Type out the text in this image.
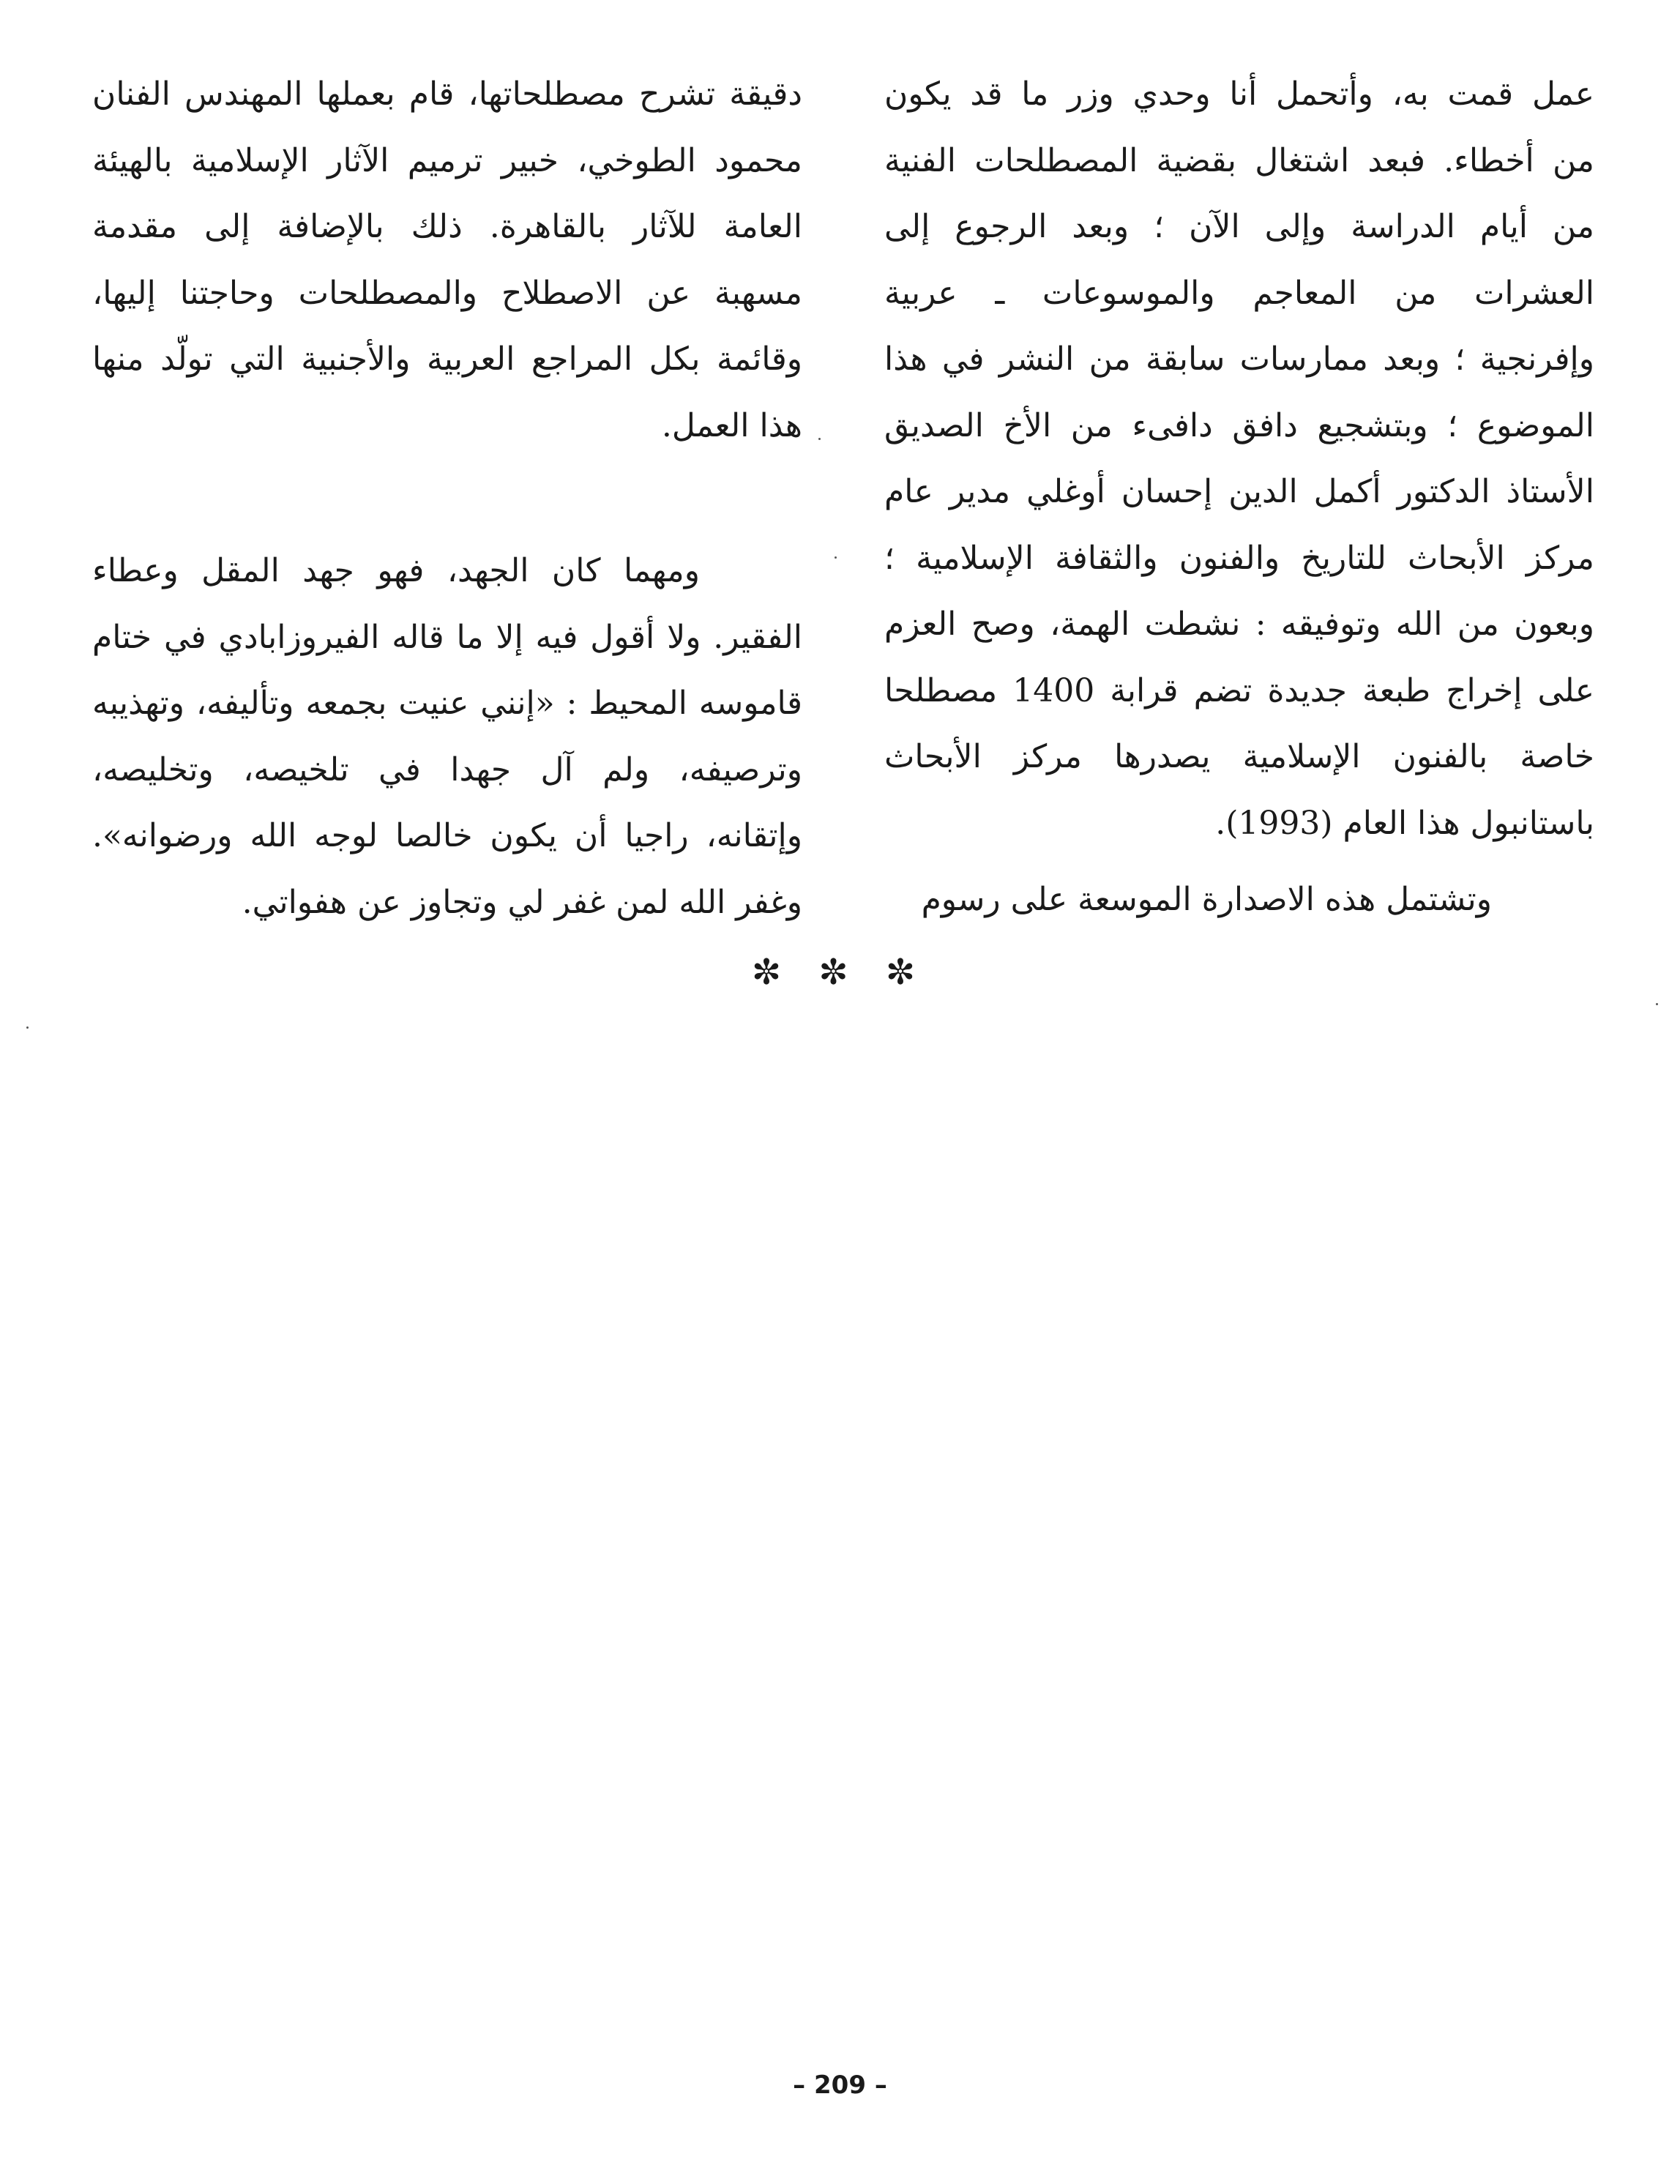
عمل قمت به، وأتحمل أنا وحدي وزر ما قد يكون
من أخطاء. فبعد اشتغال بقضية المصطلحات الفنية
من أيام الدراسة وإلى الآن ؛ وبعد الرجوع إلى
العشرات من المعاجم والموسوعات ـ عربية
وإفرنجية ؛ وبعد ممارسات سابقة من النشر في هذا
الموضوع ؛ وبتشجيع دافق دافىء من الأخ الصديق
الأستاذ الدكتور أكمل الدين إحسان أوغلي مدير عام
مركز الأبحاث للتاريخ والفنون والثقافة الإسلامية ؛
وبعون من الله وتوفيقه : نشطت الهمة، وصح العزم
على إخراج طبعة جديدة تضم قرابة 1400 مصطلحا
خاصة بالفنون الإسلامية يصدرها مركز الأبحاث
باستانبول هذا العام (1993).
وتشتمل هذه الاصدارة الموسعة على رسوم
دقيقة تشرح مصطلحاتها، قام بعملها المهندس الفنان
محمود الطوخي، خبير ترميم الآثار الإسلامية بالهيئة
العامة للآثار بالقاهرة. ذلك بالإضافة إلى مقدمة
مسهبة عن الاصطلاح والمصطلحات وحاجتنا إليها،
وقائمة بكل المراجع العربية والأجنبية التي تولّد منها
هذا العمل.
ومهما كان الجهد، فهو جهد المقل وعطاء
الفقير. ولا أقول فيه إلا ما قاله الفيروزابادي في ختام
قاموسه المحيط : «إنني عنيت بجمعه وتأليفه، وتهذيبه
وترصيفه، ولم آل جهدا في تلخيصه، وتخليصه،
وإتقانه، راجيا أن يكون خالصا لوجه الله ورضوانه».
وغفر الله لمن غفر لي وتجاوز عن هفواتي.
✼ ✼ ✼
– 209 –
